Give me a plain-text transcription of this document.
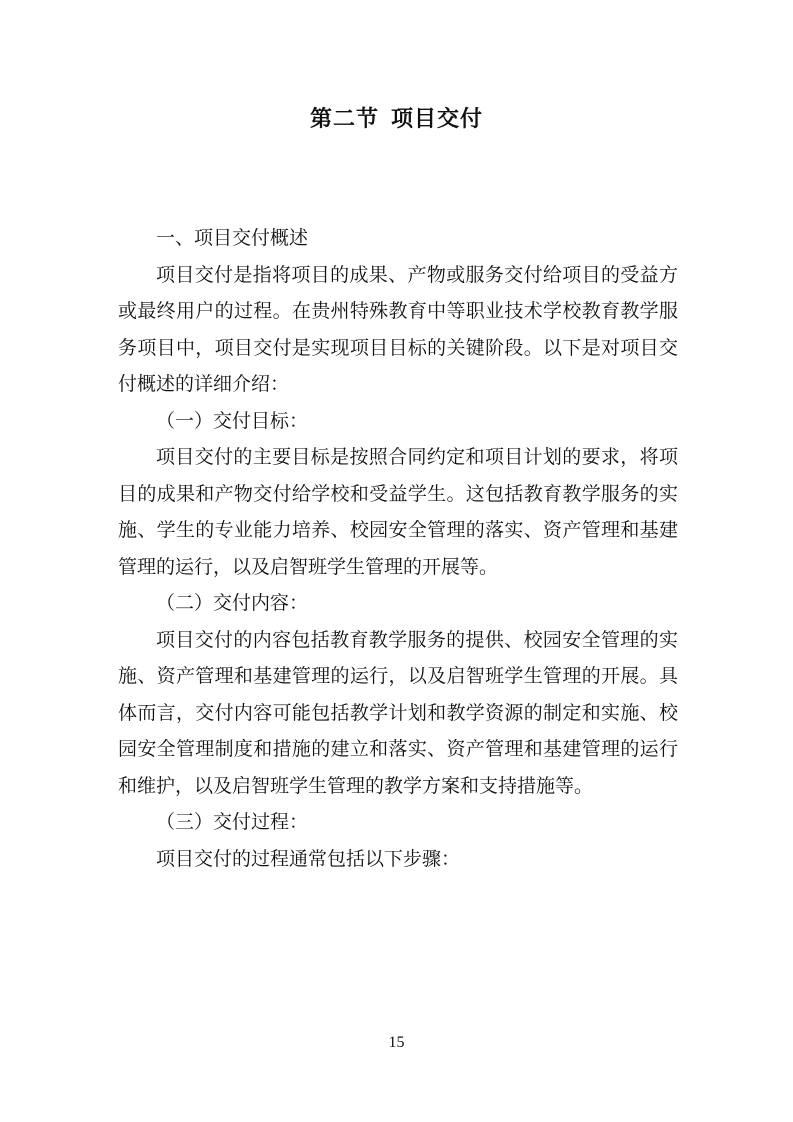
第二节 项目交付

一、项目交付概述

项目交付是指将项目的成果、产物或服务交付给项目的受益方或最终用户的过程。在贵州特殊教育中等职业技术学校教育教学服务项目中，项目交付是实现项目目标的关键阶段。以下是对项目交付概述的详细介绍：

（一）交付目标：

项目交付的主要目标是按照合同约定和项目计划的要求，将项目的成果和产物交付给学校和受益学生。这包括教育教学服务的实施、学生的专业能力培养、校园安全管理的落实、资产管理和基建管理的运行，以及启智班学生管理的开展等。

（二）交付内容：

项目交付的内容包括教育教学服务的提供、校园安全管理的实施、资产管理和基建管理的运行，以及启智班学生管理的开展。具体而言，交付内容可能包括教学计划和教学资源的制定和实施、校园安全管理制度和措施的建立和落实、资产管理和基建管理的运行和维护，以及启智班学生管理的教学方案和支持措施等。

（三）交付过程：

项目交付的过程通常包括以下步骤：

15
